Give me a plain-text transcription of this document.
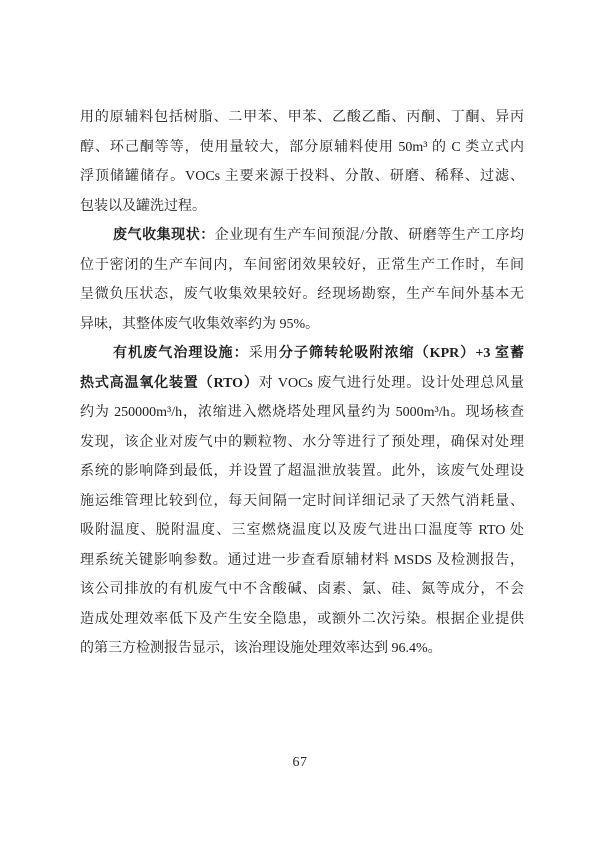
用的原辅料包括树脂、二甲苯、甲苯、乙酸乙酯、丙酮、丁酮、异丙
醇、环己酮等等，使用量较大，部分原辅料使用 50m³ 的 C 类立式内
浮顶储罐储存。VOCs 主要来源于投料、分散、研磨、稀释、过滤、
包装以及罐洗过程。
废气收集现状：企业现有生产车间预混/分散、研磨等生产工序均
位于密闭的生产车间内，车间密闭效果较好，正常生产工作时，车间
呈微负压状态，废气收集效果较好。经现场勘察，生产车间外基本无
异味，其整体废气收集效率约为 95%。
有机废气治理设施：采用分子筛转轮吸附浓缩（KPR）+3 室蓄
热式高温氧化装置（RTO）对 VOCs 废气进行处理。设计处理总风量
约为 250000m³/h，浓缩进入燃烧塔处理风量约为 5000m³/h。现场核查
发现，该企业对废气中的颗粒物、水分等进行了预处理，确保对处理
系统的影响降到最低，并设置了超温泄放装置。此外，该废气处理设
施运维管理比较到位，每天间隔一定时间详细记录了天然气消耗量、
吸附温度、脱附温度、三室燃烧温度以及废气进出口温度等 RTO 处
理系统关键影响参数。通过进一步查看原辅材料 MSDS 及检测报告，
该公司排放的有机废气中不含酸碱、卤素、氯、硅、氮等成分，不会
造成处理效率低下及产生安全隐患，或额外二次污染。根据企业提供
的第三方检测报告显示，该治理设施处理效率达到 96.4%。
67
